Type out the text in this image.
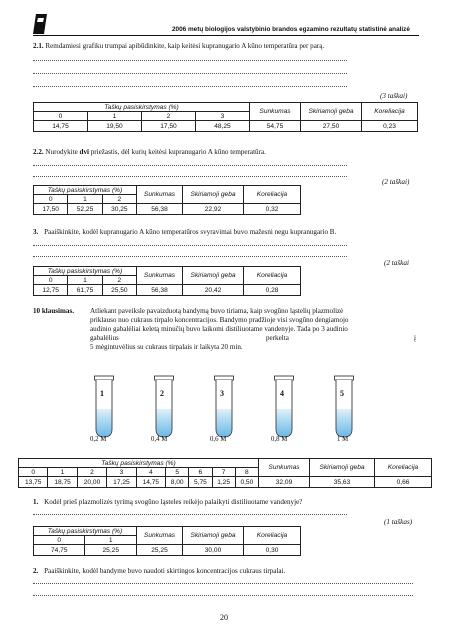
2006 metų biologijos valstybinio brandos egzamino rezultatų statistinė analizė
2.1. Remdamiesi grafiku trumpai apibūdinkite, kaip keitėsi kupranugario A kūno temperatūra per parą.
(3 taškai)
Taškų pasiskirstymas (%)				Sunkumas	Skiriamoji geba	Koreliacija
0	1	2	3			
14,75	19,50	17,50	48,25	54,75	27,50	0,23
2.2. Nurodykite dvi priežastis, dėl kurių keitėsi kupranugario A kūno temperatūra.
(2 taškai)
Taškų pasiskirstymas (%)			Sunkumas	Skiriamoji geba	Koreliacija
0	1	2			
17,50	52,25	30,25	56,38	22,92	0,32
3. Paaiškinkite, kodėl kupranugario A kūno temperatūros svyravimai buvo mažesni negu kupranugario B.
(2 taškai
Taškų pasiskirstymas (%)			Sunkumas	Skiriamoji geba	Koreliacija
0	1	2			
12,75	61,75	25,50	56,38	20,42	0,28
10 klausimas. Atliekant paveiksle pavaizduotą bandymą buvo tiriama, kaip svogūno ląstelių plazmolizė
priklauso nuo cukraus tirpalo koncentracijos. Bandymo pradžioje visi svogūno dengiamojo
audinio gabalėliai keletą minučių buvo laikomi distiliuotame vandenyje. Tada po 3 audinio
gabalėlius	perkelta	į
5 mėgintuvėlius su cukraus tirpalais ir laikyta 20 min.
1	2	3	4	5
0,2 M	0,4 M	0,6 M	0,8 M	1 M
Taškų pasiskirstymas (%)									Sunkumas	Skiriamoji geba	Koreliacija
0	1	2	3	4	5	6	7	8			
13,75	18,75	20,00	17,25	14,75	8,00	5,75	1,25	0,50	32,09	35,63	0,66
1. Kodėl prieš plazmolizės tyrimą svogūno ląsteles reikėjo palaikyti distiliuotame vandenyje?
(1 taškas)
Taškų pasiskirstymas (%)		Sunkumas	Skiriamoji geba	Koreliacija
0	1			
74,75	25,25	25,25	30,00	0,30
2. Paaiškinkite, kodėl bandyme buvo naudoti skirtingos koncentracijos cukraus tirpalai.
20
